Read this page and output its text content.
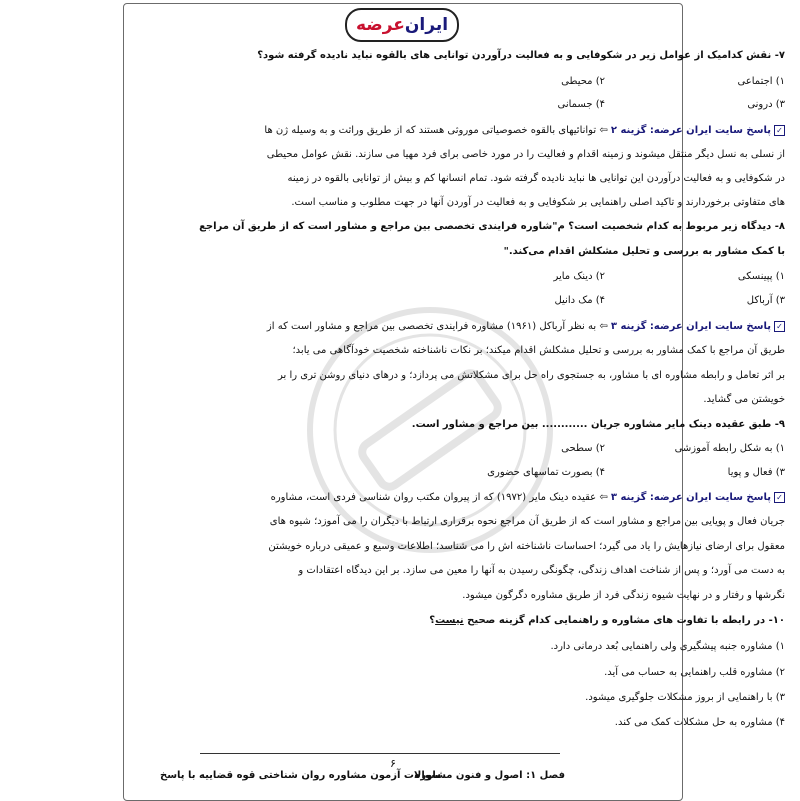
ایران
عرضه
۷- نقش کدامیک از عوامل زیر در شکوفایی و به فعالیت درآوردن توانایی های بالقوه نباید نادیده گرفته شود؟
۱) اجتماعی
۲) محیطی
۳) درونی
۴) جسمانی
✓پاسخ سایت ایران عرضه: گزینه ۲ ⇦ توانائیهای بالقوه خصوصیاتی موروثی هستند که از طریق وراثت و به وسیله ژن ها
از نسلی به نسل دیگر منتقل میشوند و زمینه اقدام و فعالیت را در مورد خاصی برای فرد مهیا می سازند. نقش عوامل محیطی
در شکوفایی و به فعالیت درآوردن این توانایی ها نباید نادیده گرفته شود. تمام انسانها کم و بیش از توانایی بالقوه در زمینه
های متفاوتی برخوردارند و تاکید اصلی راهنمایی بر شکوفایی و به فعالیت در آوردن آنها در جهت مطلوب و مناسب است.
۸- دیدگاه زیر مربوط به کدام شخصیت است؟ م"شاوره فرایندی تخصصی بین مراجع و مشاور است که از طریق آن مراجع
با کمک مشاور به بررسی و تحلیل مشکلش اقدام می‌کند."
۱) پپینسکی
۲) دینک مایر
۳) آرباکل
۴) مک دانیل
✓پاسخ سایت ایران عرضه: گزینه ۳ ⇦ به نظر آرباکل (۱۹۶۱) مشاوره فرایندی تخصصی بین مراجع و مشاور است که از
طریق آن مراجع با کمک مشاور به بررسی و تحلیل مشکلش اقدام میکند؛ بر نکات ناشناخته شخصیت خودآگاهی می یابد؛
بر اثر تعامل و رابطه مشاوره ای با مشاور، به جستجوی راه حل برای مشکلاتش می پردازد؛ و درهای دنیای روشن تری را بر
خویشتن می گشاید.
۹- طبق عقیده دینک مایر مشاوره جریان ............ بین مراجع و مشاور است.
۱) به شکل رابطه آموزشی
۲) سطحی
۳) فعال و پویا
۴) بصورت تماسهای حضوری
✓پاسخ سایت ایران عرضه: گزینه ۳ ⇦ عقیده دینک مایر (۱۹۷۲) که از پیروان مکتب روان شناسی فردی است، مشاوره
جریان فعال و پویایی بین مراجع و مشاور است که از طریق آن مراجع نحوه برقراری ارتباط با دیگران را می آموزد؛ شیوه های
معقول برای ارضای نیازهایش را یاد می گیرد؛ احساسات ناشناخته اش را می شناسد؛ اطلاعات وسیع و عمیقی درباره خویشتن
به دست می آورد؛ و پس از شناخت اهداف زندگی، چگونگی رسیدن به آنها را معین می سازد. بر این دیدگاه اعتقادات و
نگرشها و رفتار و در نهایت شیوه زندگی فرد از طریق مشاوره دگرگون میشود.
۱۰- در رابطه با تفاوت های مشاوره و راهنمایی کدام گزینه صحیح نیست؟
۱) مشاوره جنبه پیشگیری ولی راهنمایی بُعد درمانی دارد.
۲) مشاوره قلب راهنمایی به حساب می آید.
۳) با راهنمایی از بروز مشکلات جلوگیری میشود.
۴) مشاوره به حل مشکلات کمک می کند.
۶
فصل ۱: اصول و فنون مشاوره
سوالات آزمون مشاوره روان شناختی قوه قضاییه با پاسخ
